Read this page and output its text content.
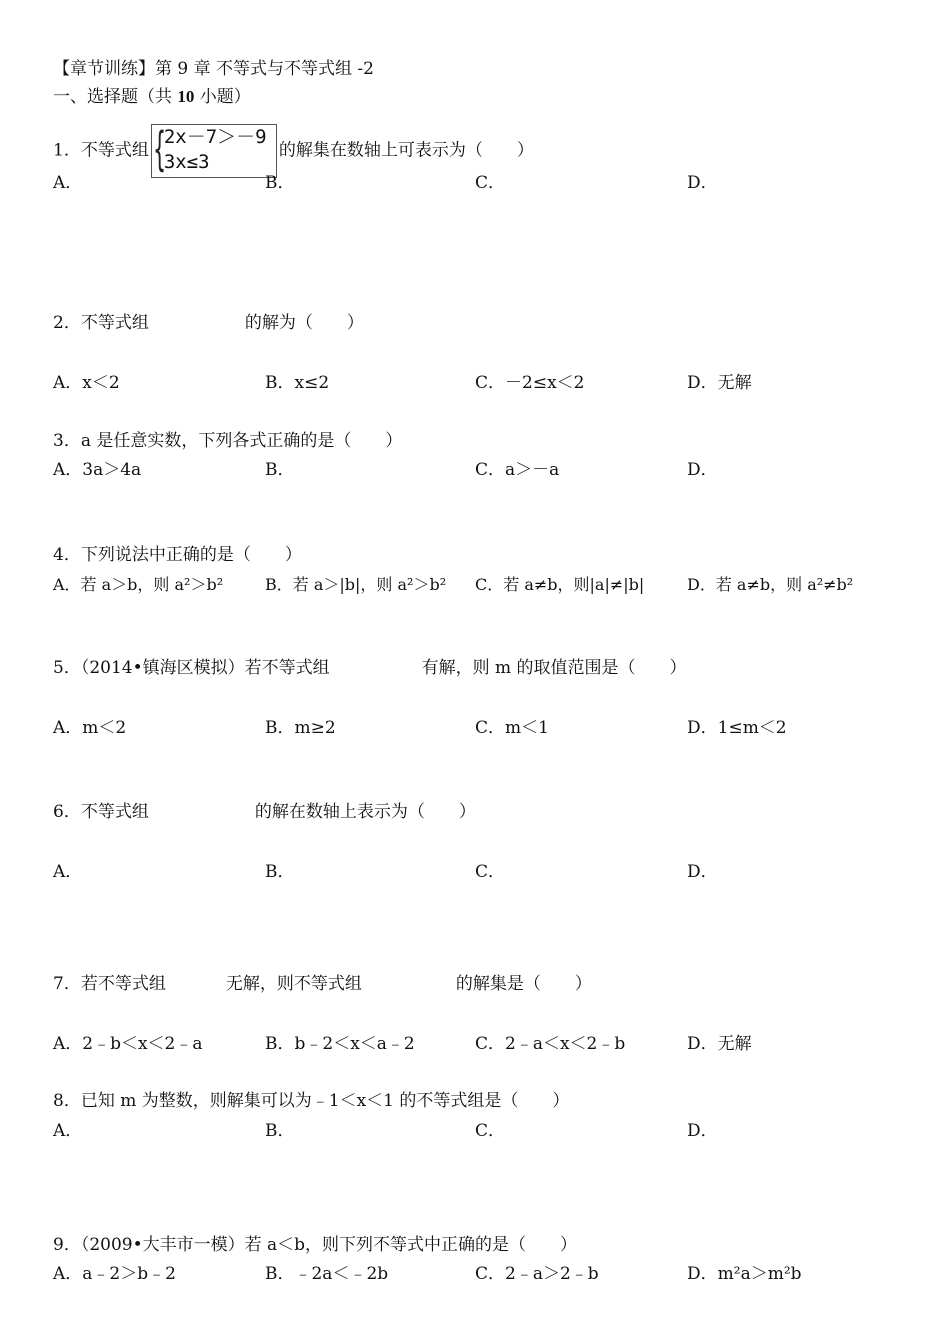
【章节训练】第 9 章 不等式与不等式组 -2
一、选择题（共 10 小题）
1．不等式组 {
2x－7＞－9
3x≤3
的解集在数轴上可表示为（　　）
A．	B．	C．	D．
2．不等式组	的解为（　　）
A．x＜2	B．x≤2	C．－2≤x＜2	D．无解
3．a 是任意实数，下列各式正确的是（　　）
A．3a＞4a	B．	C．a＞－a	D．
4．下列说法中正确的是（　　）
A．若 a＞b，则 a²＞b²	B．若 a＞|b|，则 a²＞b² C．若 a≠b，则|a|≠|b|	D．若 a≠b，则 a²≠b²
5．（2014•镇海区模拟）若不等式组	有解，则 m 的取值范围是（　　）
A．m＜2	B．m≥2	C．m＜1	D．1≤m＜2
6．不等式组	的解在数轴上表示为（　　）
A．	B．	C．	D．
7．若不等式组	无解，则不等式组	的解集是（　　）
A．2﹣b＜x＜2﹣a	B．b﹣2＜x＜a﹣2	C．2﹣a＜x＜2﹣b	D．无解
8．已知 m 为整数，则解集可以为﹣1＜x＜1 的不等式组是（　　）
A．	B．	C．	D．
9．（2009•大丰市一模）若 a＜b，则下列不等式中正确的是（　　）
A．a﹣2＞b﹣2	B．﹣2a＜﹣2b	C．2﹣a＞2﹣b	D．m²a＞m²b
